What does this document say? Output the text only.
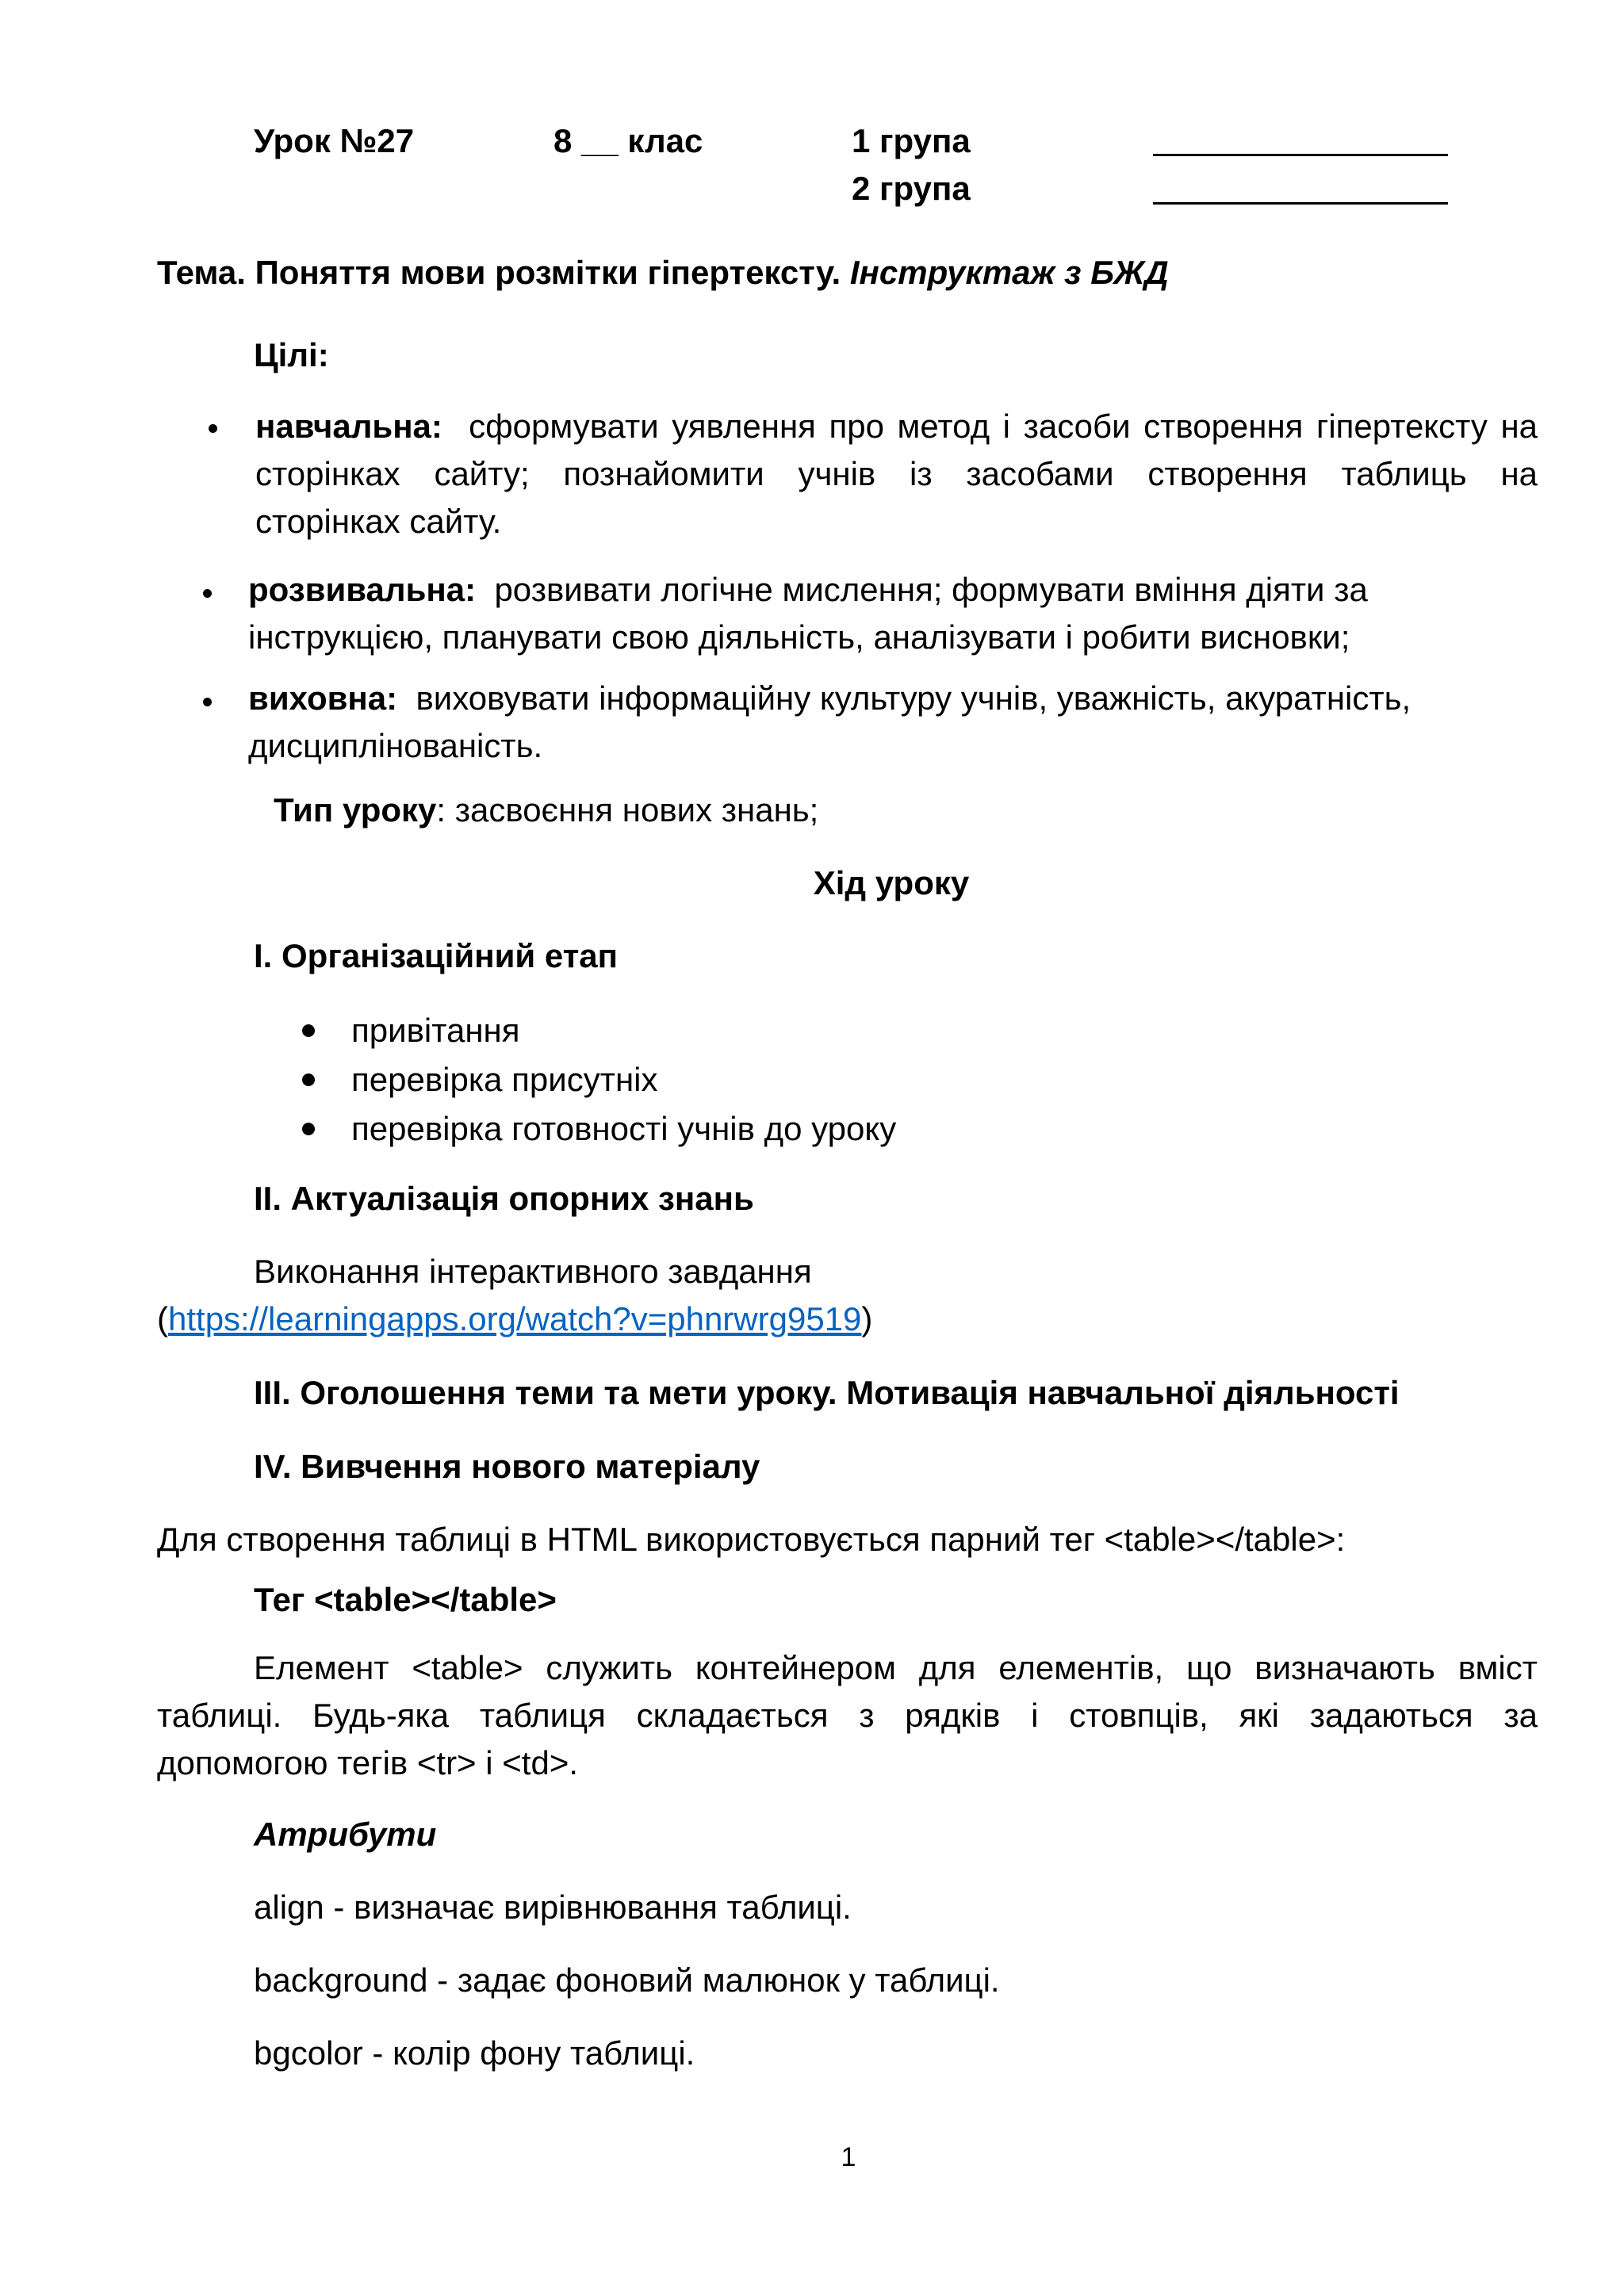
Урок №27	8 __ клас	1 група
2 група
Тема. Поняття мови розмітки гіпертексту. Інструктаж з БЖД
Цілі:
навчальна: сформувати уявлення про метод і засоби створення гіпертексту на
сторінках сайту; познайомити учнів із засобами створення таблиць на
сторінках сайту.
розвивальна: розвивати логічне мислення; формувати вміння діяти за
інструкцією, планувати свою діяльність, аналізувати і робити висновки;
виховна: виховувати інформаційну культуру учнів, уважність, акуратність,
дисциплінованість.
Тип уроку: засвоєння нових знань;
Хід уроку
I. Організаційний етап
привітання
перевірка присутніх
перевірка готовності учнів до уроку
II. Актуалізація опорних знань
Виконання інтерактивного завдання
(https://learningapps.org/watch?v=phnrwrg9519)
III. Оголошення теми та мети уроку. Мотивація навчальної діяльності
IV. Вивчення нового матеріалу
Для створення таблиці в HTML використовується парний тег <table></table>:
Тег <table></table>
Елемент <table> служить контейнером для елементів, що визначають вміст
таблиці. Будь-яка таблиця складається з рядків і стовпців, які задаються за
допомогою тегів <tr> і <td>.
Атрибути
align - визначає вирівнювання таблиці.
background - задає фоновий малюнок у таблиці.
bgcolor - колір фону таблиці.
1
